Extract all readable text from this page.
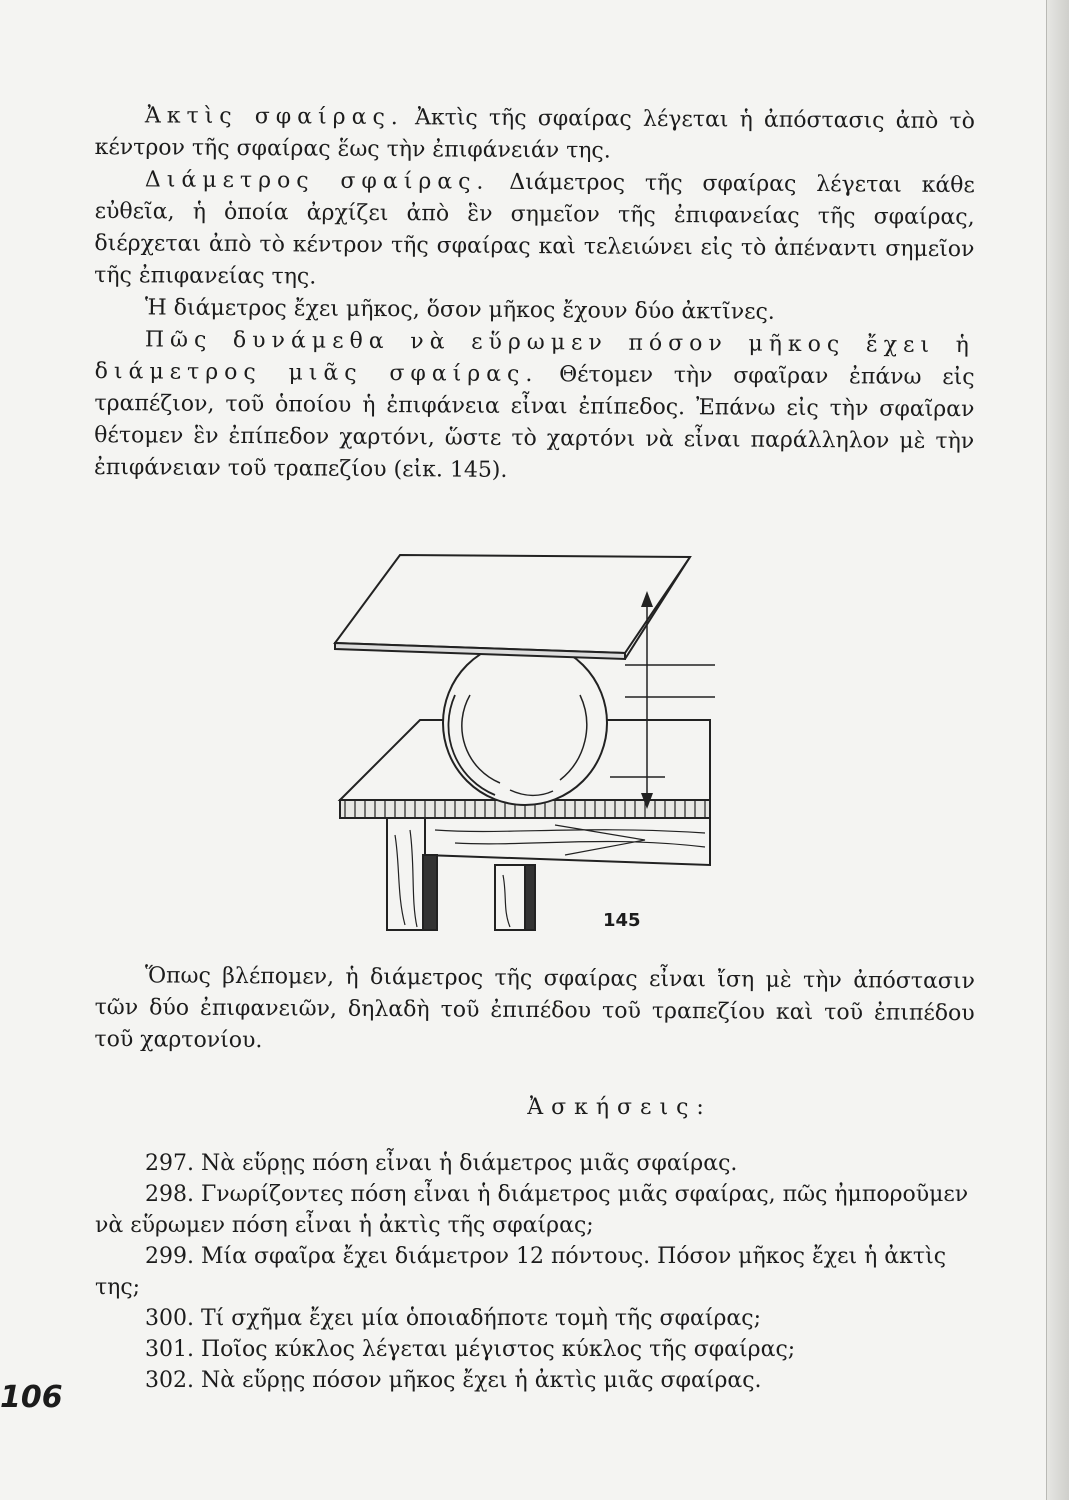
Ἀκτὶς σφαίρας. Ἀκτὶς τῆς σφαίρας λέγεται ἡ ἀπόστασις ἀπὸ τὸ κέντρον τῆς σφαίρας ἕως τὴν ἐπιφάνειάν της.

Διάμετρος σφαίρας. Διάμετρος τῆς σφαίρας λέγεται κάθε εὐθεῖα, ἡ ὁποία ἀρχίζει ἀπὸ ἓν σημεῖον τῆς ἐπιφανείας τῆς σφαίρας, διέρχεται ἀπὸ τὸ κέντρον τῆς σφαίρας καὶ τελειώνει εἰς τὸ ἀπέναντι σημεῖον τῆς ἐπιφανείας της.

Ἡ διάμετρος ἔχει μῆκος, ὅσον μῆκος ἔχουν δύο ἀκτῖνες.

Πῶς δυνάμεθα νὰ εὕρωμεν πόσον μῆκος ἔχει ἡ διάμετρος μιᾶς σφαίρας. Θέτομεν τὴν σφαῖραν ἐπάνω εἰς τραπέζιον, τοῦ ὁποίου ἡ ἐπιφάνεια εἶναι ἐπίπεδος. Ἐπάνω εἰς τὴν σφαῖραν θέτομεν ἓν ἐπίπεδον χαρτόνι, ὥστε τὸ χαρτόνι νὰ εἶναι παράλληλον μὲ τὴν ἐπιφάνειαν τοῦ τραπεζίου (εἰκ. 145).

145

Ὅπως βλέπομεν, ἡ διάμετρος τῆς σφαίρας εἶναι ἴση μὲ τὴν ἀπόστασιν τῶν δύο ἐπιφανειῶν, δηλαδὴ τοῦ ἐπιπέδου τοῦ τραπεζίου καὶ τοῦ ἐπιπέδου τοῦ χαρτονίου.

Ἀσκήσεις:

297. Νὰ εὕρῃς πόση εἶναι ἡ διάμετρος μιᾶς σφαίρας.

298. Γνωρίζοντες πόση εἶναι ἡ διάμετρος μιᾶς σφαίρας, πῶς ἠμποροῦμεν νὰ εὕρωμεν πόση εἶναι ἡ ἀκτὶς τῆς σφαίρας;

299. Μία σφαῖρα ἔχει διάμετρον 12 πόντους. Πόσον μῆκος ἔχει ἡ ἀκτὶς της;

300. Τί σχῆμα ἔχει μία ὁποιαδήποτε τομὴ τῆς σφαίρας;

301. Ποῖος κύκλος λέγεται μέγιστος κύκλος τῆς σφαίρας;

302. Νὰ εὕρῃς πόσον μῆκος ἔχει ἡ ἀκτὶς μιᾶς σφαίρας.

106
